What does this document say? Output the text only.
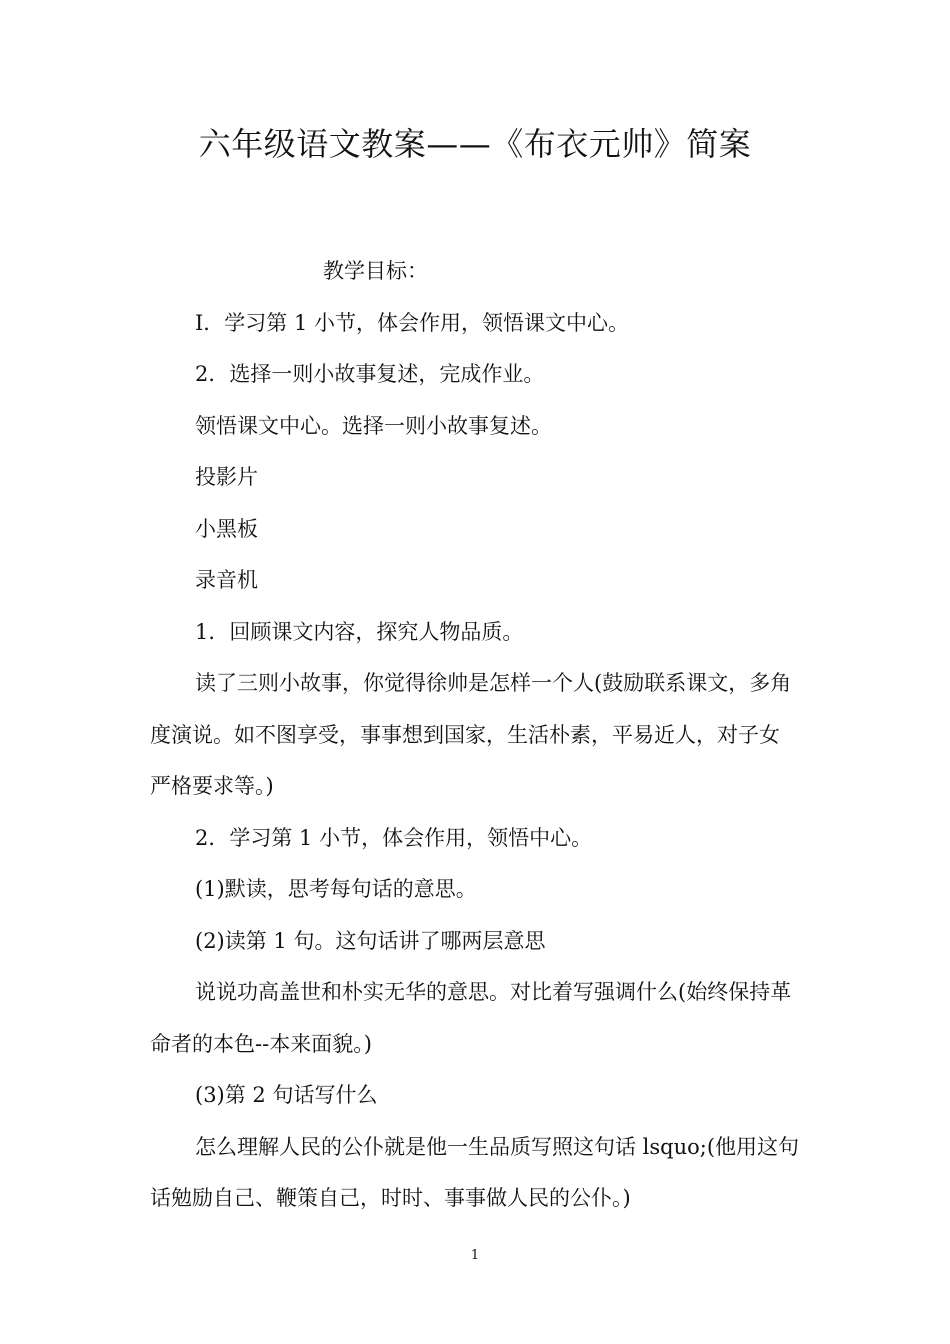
六年级语文教案——《布衣元帅》简案

教学目标：

I．学习第 1 小节，体会作用，领悟课文中心。

2．选择一则小故事复述，完成作业。

领悟课文中心。选择一则小故事复述。

投影片

小黑板

录音机

1．回顾课文内容，探究人物品质。

读了三则小故事，你觉得徐帅是怎样一个人(鼓励联系课文，多角度演说。如不图享受，事事想到国家，生活朴素，平易近人，对子女严格要求等。)

2．学习第 1 小节，体会作用，领悟中心。

(1)默读，思考每句话的意思。

(2)读第 1 句。这句话讲了哪两层意思

说说功高盖世和朴实无华的意思。对比着写强调什么(始终保持革命者的本色--本来面貌。)

(3)第 2 句话写什么

怎么理解人民的公仆就是他一生品质写照这句话 lsquo;(他用这句话勉励自己、鞭策自己，时时、事事做人民的公仆。)

1
